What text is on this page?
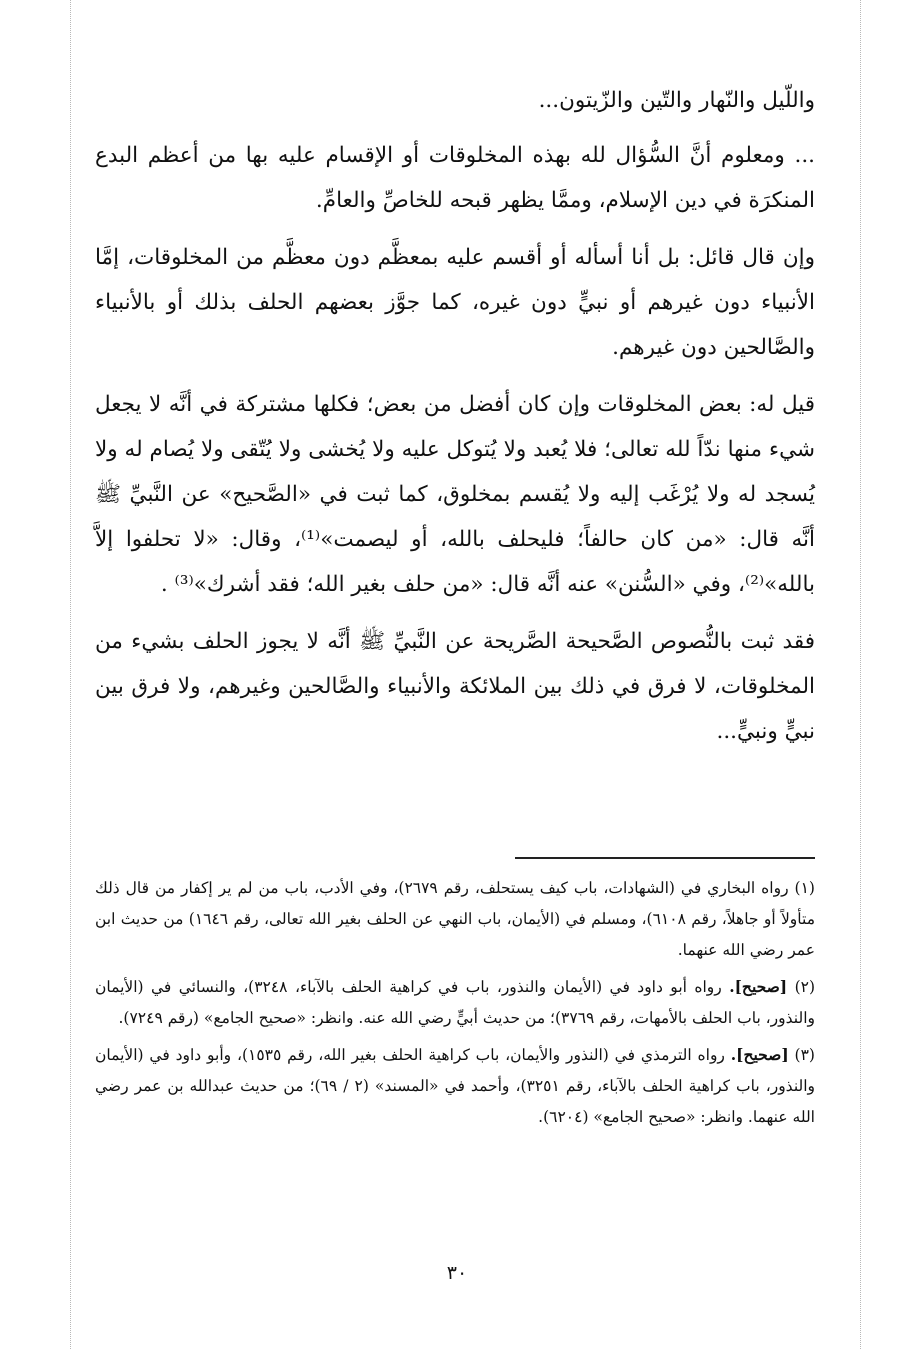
واللّيل والنّهار والتّين والزّيتون...

... ومعلوم أنَّ السُّؤال لله بهذه المخلوقات أو الإقسام عليه بها من أعظم البدع المنكرَة في دين الإسلام، وممَّا يظهر قبحه للخاصِّ والعامِّ.

وإن قال قائل: بل أنا أسأله أو أقسم عليه بمعظَّم دون معظَّم من المخلوقات، إمَّا الأنبياء دون غيرهم أو نبيٍّ دون غيره، كما جوَّز بعضهم الحلف بذلك أو بالأنبياء والصَّالحين دون غيرهم.

قيل له: بعض المخلوقات وإن كان أفضل من بعض؛ فكلها مشتركة في أنَّه لا يجعل شيء منها ندّاً لله تعالى؛ فلا يُعبد ولا يُتوكل عليه ولا يُخشى ولا يُتّقى ولا يُصام له ولا يُسجد له ولا يُرْغَب إليه ولا يُقسم بمخلوق، كما ثبت في «الصَّحيح» عن النَّبيِّ ﷺ أنَّه قال: «من كان حالفاً؛ فليحلف بالله، أو ليصمت»⁽¹⁾، وقال: «لا تحلفوا إلاَّ بالله»⁽²⁾، وفي «السُّنن» عنه أنَّه قال: «من حلف بغير الله؛ فقد أشرك»⁽³⁾ .

فقد ثبت بالنُّصوص الصَّحيحة الصَّريحة عن النَّبيِّ ﷺ أنَّه لا يجوز الحلف بشيء من المخلوقات، لا فرق في ذلك بين الملائكة والأنبياء والصَّالحين وغيرهم، ولا فرق بين نبيٍّ ونبيٍّ...

(١) رواه البخاري في (الشهادات، باب كيف يستحلف، رقم ٢٦٧٩)، وفي الأدب، باب من لم ير إكفار من قال ذلك متأولاً أو جاهلاً، رقم ٦١٠٨)، ومسلم في (الأيمان، باب النهي عن الحلف بغير الله تعالى، رقم ١٦٤٦) من حديث ابن عمر رضي الله عنهما.

(٢) [صحيح]. رواه أبو داود في (الأيمان والنذور، باب في كراهية الحلف بالآباء، ٣٢٤٨)، والنسائي في (الأيمان والنذور، باب الحلف بالأمهات، رقم ٣٧٦٩)؛ من حديث أبيٍّ رضي الله عنه. وانظر: «صحيح الجامع» (رقم ٧٢٤٩).

(٣) [صحيح]. رواه الترمذي في (النذور والأيمان، باب كراهية الحلف بغير الله، رقم ١٥٣٥)، وأبو داود في (الأيمان والنذور، باب كراهية الحلف بالآباء، رقم ٣٢٥١)، وأحمد في «المسند» (٢ / ٦٩)؛ من حديث عبدالله بن عمر رضي الله عنهما. وانظر: «صحيح الجامع» (٦٢٠٤).

٣٠
